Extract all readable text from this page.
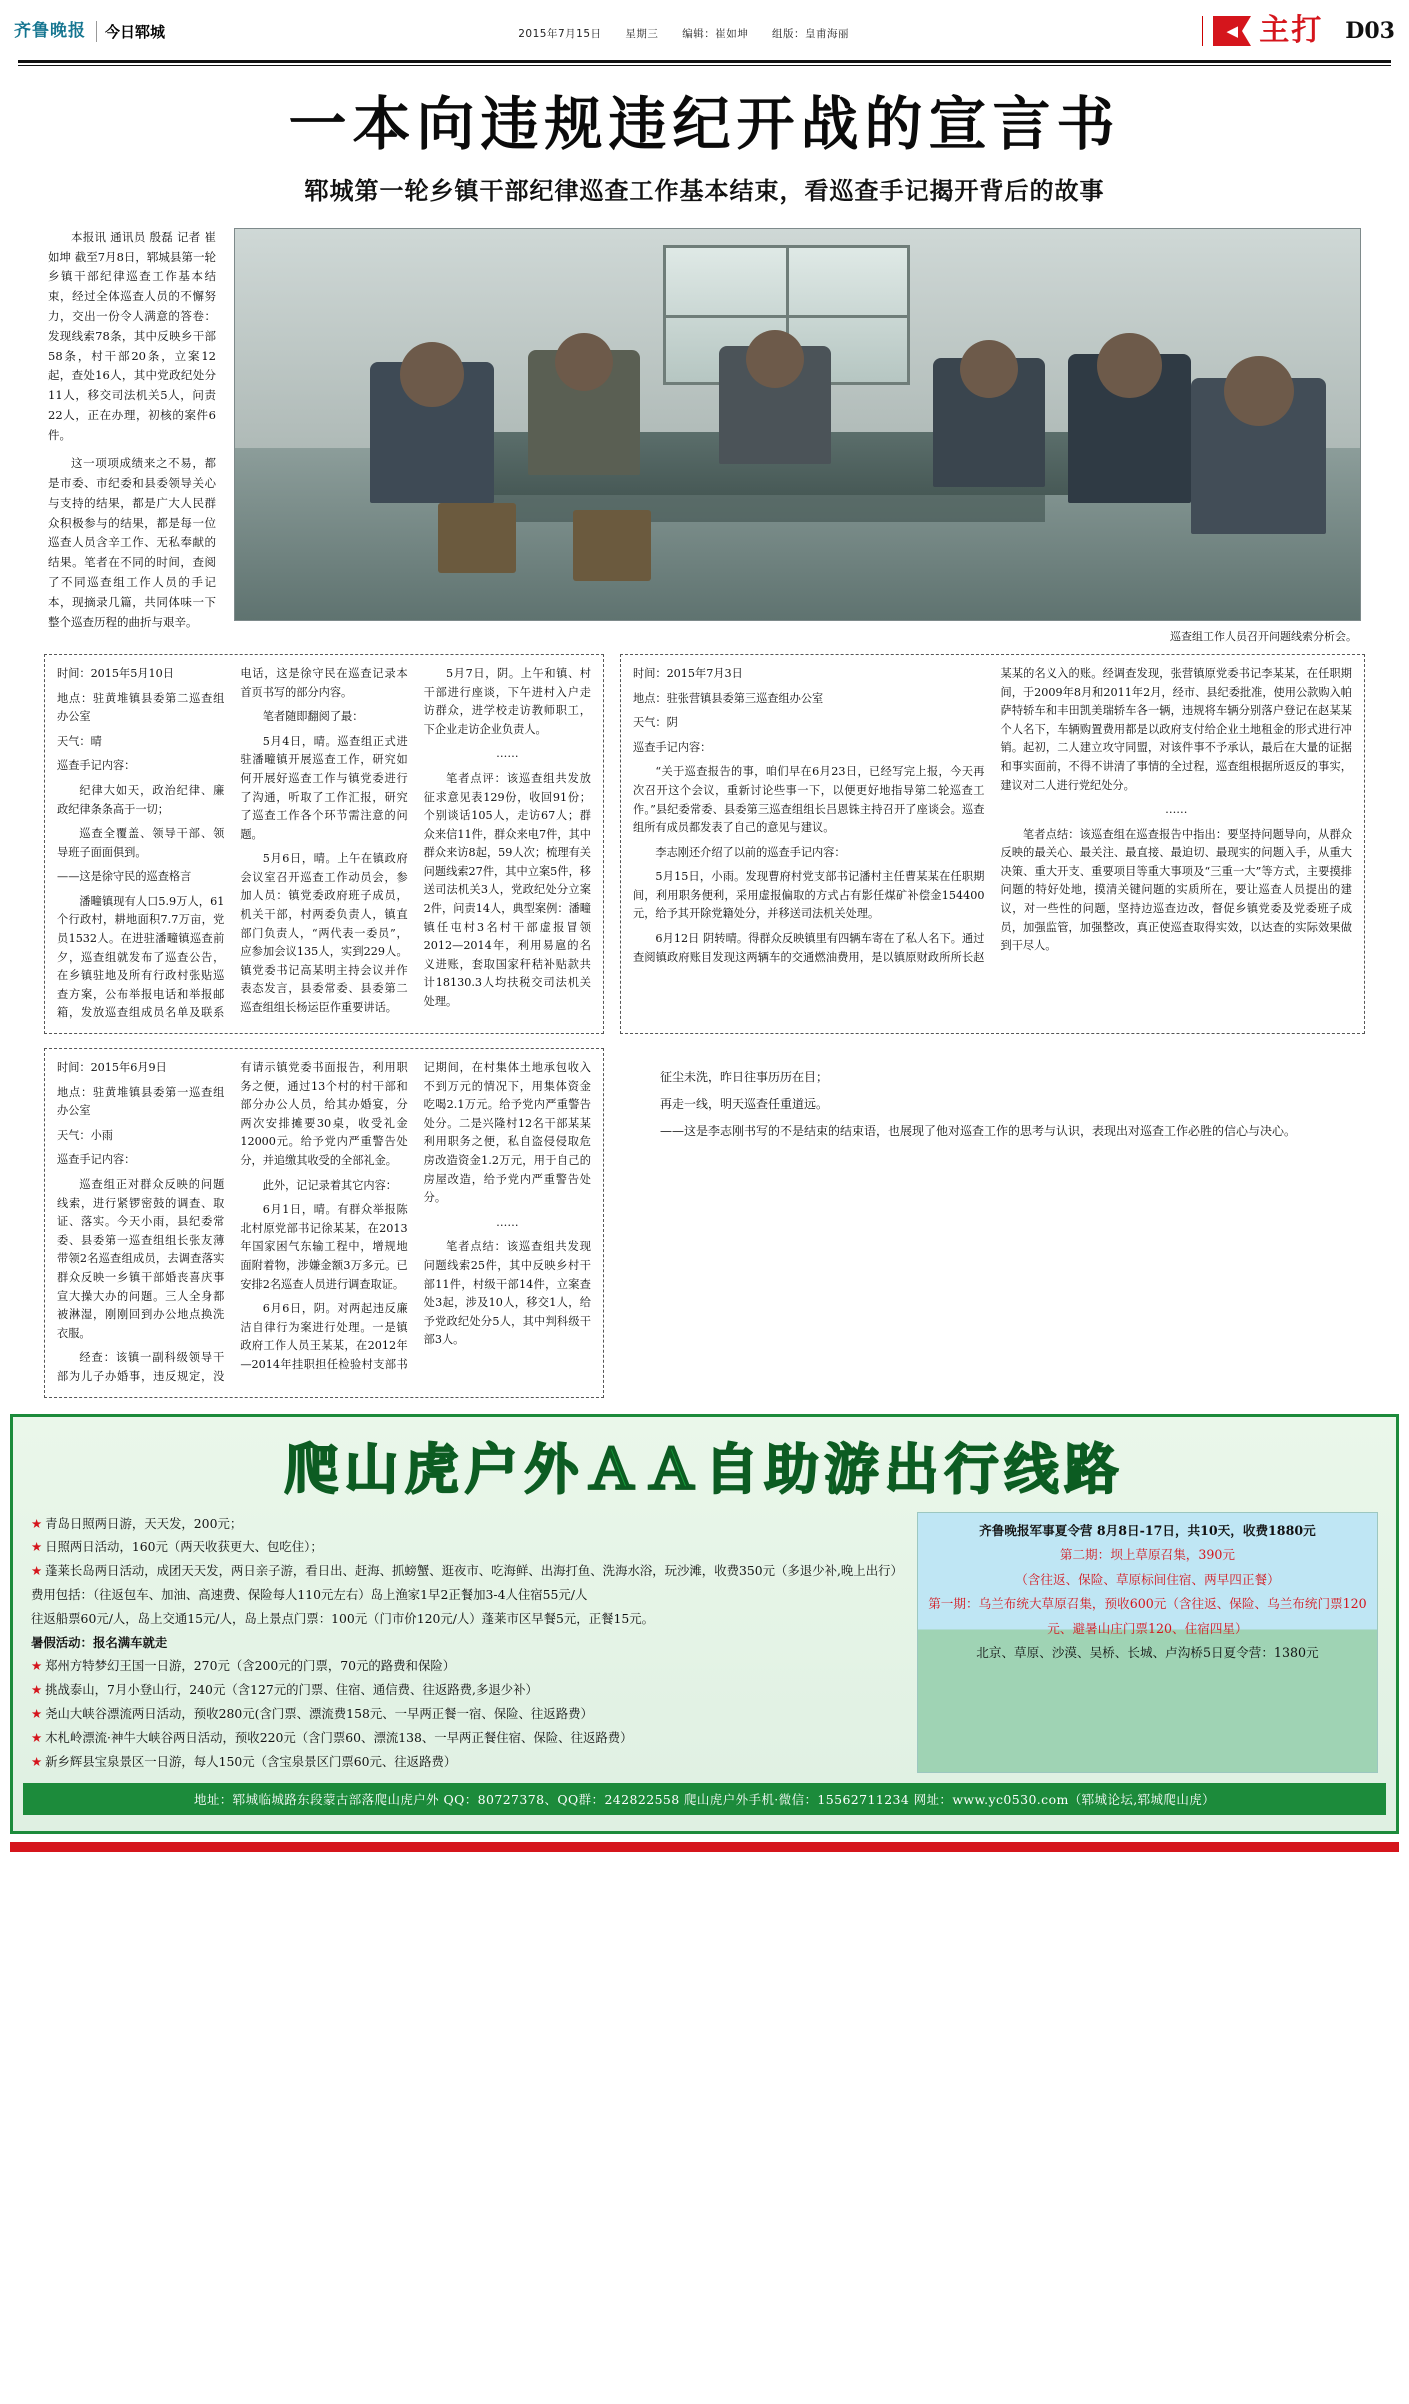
齐鲁晚报	今日郓城	2015年7月15日 星期三 编辑：崔如坤 组版：皇甫海丽	◀ 主打 D03
一本向违规违纪开战的宣言书
郓城第一轮乡镇干部纪律巡查工作基本结束，看巡查手记揭开背后的故事

本报讯 通讯员 殷磊 记者 崔如坤 截至7月8日，郓城县第一轮乡镇干部纪律巡查工作基本结束，经过全体巡查人员的不懈努力，交出一份令人满意的答卷：发现线索78条，其中反映乡干部58条，村干部20条，立案12起，查处16人，其中党政纪处分11人，移交司法机关5人，问责22人，正在办理，初核的案件6件。

这一项项成绩来之不易，都是市委、市纪委和县委领导关心与支持的结果，都是广大人民群众积极参与的结果，都是每一位巡查人员含辛工作、无私奉献的结果。笔者在不同的时间，查阅了不同巡查组工作人员的手记本，现摘录几篇，共同体味一下整个巡查历程的曲折与艰辛。

巡查组工作人员召开问题线索分析会。

时间：2015年5月10日

地点：驻黄堆镇县委第二巡查组办公室

天气：晴

巡查手记内容：

纪律大如天，政治纪律、廉政纪律条条高于一切；

巡查全覆盖、领导干部、领导班子面面俱到。

——这是徐守民的巡查格言

潘疃镇现有人口5.9万人，61个行政村，耕地面积7.7万亩，党员1532人。在进驻潘疃镇巡查前夕，巡查组就发布了巡查公告，在乡镇驻地及所有行政村张贴巡查方案，公布举报电话和举报邮箱，发放巡查组成员名单及联系电话，这是徐守民在巡查记录本首页书写的部分内容。

笔者随即翻阅了最：

5月4日，晴。巡查组正式进驻潘疃镇开展巡查工作，研究如何开展好巡查工作与镇党委进行了沟通，听取了工作汇报，研究了巡查工作各个环节需注意的问题。

5月6日，晴。上午在镇政府会议室召开巡查工作动员会，参加人员：镇党委政府班子成员，机关干部，村两委负责人，镇直部门负责人，“两代表一委员”，应参加会议135人，实到229人。镇党委书记高某明主持会议并作表态发言，县委常委、县委第二巡查组组长杨运臣作重要讲话。

5月7日，阴。上午和镇、村干部进行座谈，下午进村入户走访群众，进学校走访教师职工，下企业走访企业负责人。

……

笔者点评：该巡查组共发放征求意见表129份，收回91份；个别谈话105人，走访67人；群众来信11件，群众来电7件，其中群众来访8起，59人次；梳理有关问题线索27件，其中立案5件，移送司法机关3人，党政纪处分立案2件，问责14人，典型案例：潘疃镇任屯村3名村干部虚报冒领2012—2014年，利用易扈的名义进账，套取国家秆秸补贴款共计18130.3人均扶税交司法机关处理。

时间：2015年7月3日

地点：驻张营镇县委第三巡查组办公室

天气：阴

巡查手记内容：

“关于巡查报告的事，咱们早在6月23日，已经写完上报，今天再次召开这个会议，重新讨论些事一下，以便更好地指导第二轮巡查工作。”县纪委常委、县委第三巡查组组长吕恩铢主持召开了座谈会。巡查组所有成员都发表了自己的意见与建议。

李志刚还介绍了以前的巡查手记内容：

5月15日，小雨。发现曹府村党支部书记潘村主任曹某某在任职期间，利用职务便利，采用虚报偏取的方式占有影任煤矿补偿金154400元，给予其开除党籍处分，并移送司法机关处理。

6月12日 阴转晴。得群众反映镇里有四辆车寄在了私人名下。通过查阅镇政府账目发现这两辆车的交通燃油费用，是以镇原财政所所长赵某某的名义入的账。经调查发现，张营镇原党委书记李某某，在任职期间，于2009年8月和2011年2月，经市、县纪委批准，使用公款购入帕萨特轿车和丰田凯美瑞轿车各一辆，违规将车辆分别落户登记在赵某某个人名下，车辆购置费用都是以政府支付给企业土地租金的形式进行冲销。起初，二人建立攻守同盟，对该件事不予承认，最后在大量的证据和事实面前，不得不讲清了事情的全过程，巡查组根据所返反的事实，建议对二人进行党纪处分。

……

笔者点结：该巡查组在巡查报告中指出：要坚持问题导向，从群众反映的最关心、最关注、最直接、最迫切、最现实的问题入手，从重大决策、重大开支、重要项目等重大事项及“三重一大”等方式，主要摸排问题的特好处地，摸清关键问题的实质所在，要让巡查人员提出的建议，对一些性的问题，坚持边巡查边改，督促乡镇党委及党委班子成员，加强监管，加强整改，真正使巡查取得实效，以达查的实际效果做到干尽人。

时间：2015年6月9日

地点：驻黄堆镇县委第一巡查组办公室

天气：小雨

巡查手记内容：

巡查组正对群众反映的问题线索，进行紧锣密鼓的调查、取证、落实。今天小雨，县纪委常委、县委第一巡查组组长张友薄带领2名巡查组成员，去调查落实群众反映一乡镇干部婚丧喜庆事宣大操大办的问题。三人全身都被淋湿，刚刚回到办公地点换洗衣服。

经查：该镇一副科级领导干部为儿子办婚事，违反规定，没有请示镇党委书面报告，利用职务之便，通过13个村的村干部和部分办公人员，给其办婚宴，分两次安排摊要30桌，收受礼金12000元。给予党内严重警告处分，并追缴其收受的全部礼金。

此外，记记录着其它内容：

6月1日，晴。有群众举报陈北村原党部书记徐某某，在2013年国家困气东输工程中，增规地面附着物，涉嫌金额3万多元。已安排2名巡查人员进行调查取证。

6月6日，阴。对两起违反廉洁自律行为案进行处理。一是镇政府工作人员王某某，在2012年—2014年挂职担任检验村支部书记期间，在村集体土地承包收入不到万元的情况下，用集体资金吃喝2.1万元。给予党内严重警告处分。二是兴隆村12名干部某某利用职务之便，私自盗侵侵取危房改造资金1.2万元，用于自己的房屋改造，给予党内严重警告处分。

……

笔者点结：该巡查组共发现问题线索25件，其中反映乡村干部11件，村级干部14件，立案查处3起，涉及10人，移交1人，给予党政纪处分5人，其中判科级干部3人。

征尘未洗，昨日往事历历在目；

再走一线，明天巡查任重道远。

——这是李志刚书写的不是结束的结束语，也展现了他对巡查工作的思考与认识，表现出对巡查工作必胜的信心与决心。

爬山虎户外ＡＡ自助游出行线路
★ 青岛日照两日游，天天发，200元；
★ 日照两日活动，160元（两天收获更大、包吃住）；
★ 蓬莱长岛两日活动，成团天天发，两日亲子游，看日出、赶海、抓螃蟹、逛夜市、吃海鲜、出海打鱼、洗海水浴，玩沙滩，收费350元（多退少补,晚上出行）
费用包括：（往返包车、加油、高速费、保险每人110元左右）岛上渔家1早2正餐加3-4人住宿55元/人
往返船票60元/人，岛上交通15元/人，岛上景点门票：100元（门市价120元/人）蓬莱市区早餐5元，正餐15元。
暑假活动：报名满车就走
★ 郑州方特梦幻王国一日游，270元（含200元的门票，70元的路费和保险）
★ 挑战泰山，7月小登山行，240元（含127元的门票、住宿、通信费、往返路费,多退少补）
★ 尧山大峡谷漂流两日活动，预收280元(含门票、漂流费158元、一早两正餐一宿、保险、往返路费）
★ 木札岭漂流·神牛大峡谷两日活动，预收220元（含门票60、漂流138、一早两正餐住宿、保险、往返路费）
★ 新乡辉县宝泉景区一日游，每人150元（含宝泉景区门票60元、往返路费）
齐鲁晚报军事夏令营 8月8日-17日，共10天，收费1880元
第二期：坝上草原召集，390元
（含往返、保险、草原标间住宿、两早四正餐）
第一期：乌兰布统大草原召集，预收600元（含往返、保险、乌兰布统门票120元、避暑山庄门票120、住宿四星）
北京、草原、沙漠、吴桥、长城、卢沟桥5日夏令营：1380元
地址：郓城临城路东段蒙古部落爬山虎户外 QQ：80727378、QQ群：242822558 爬山虎户外手机·微信：15562711234 网址：www.yc0530.com（郓城论坛,郓城爬山虎）
